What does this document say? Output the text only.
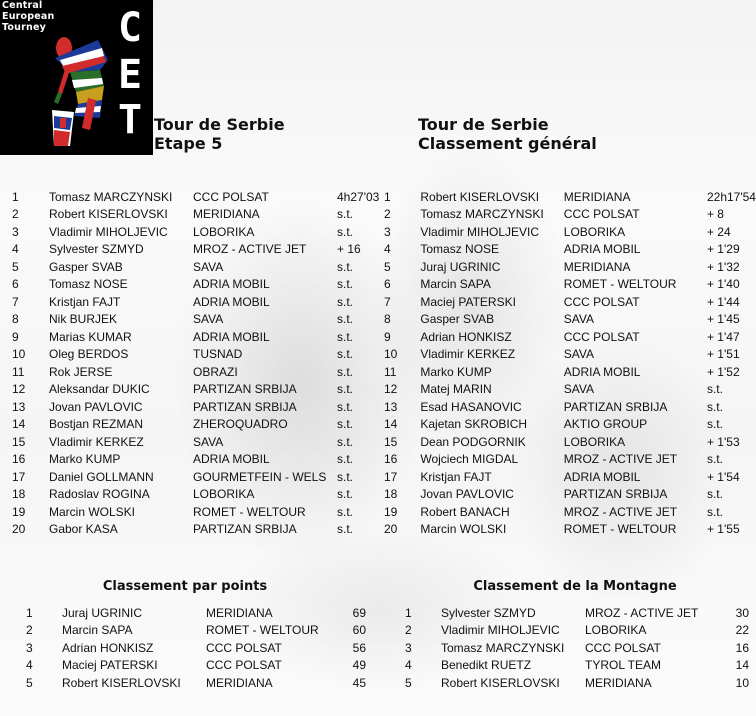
Central
European
Tourney C
E
T Tour de Serbie
Etape 5
Tour de Serbie
Classement général
1	Tomasz MARCZYNSKI	CCC POLSAT	4h27'03
2	Robert KISERLOVSKI	MERIDIANA	s.t.
3	Vladimir MIHOLJEVIC	LOBORIKA	s.t.
4	Sylvester SZMYD	MROZ - ACTIVE JET	+ 16
5	Gasper SVAB	SAVA	s.t.
6	Tomasz NOSE	ADRIA MOBIL	s.t.
7	Kristjan FAJT	ADRIA MOBIL	s.t.
8	Nik BURJEK	SAVA	s.t.
9	Marias KUMAR	ADRIA MOBIL	s.t.
10	Oleg BERDOS	TUSNAD	s.t.
11	Rok JERSE	OBRAZI	s.t.
12	Aleksandar DUKIC	PARTIZAN SRBIJA	s.t.
13	Jovan PAVLOVIC	PARTIZAN SRBIJA	s.t.
14	Bostjan REZMAN	ZHEROQUADRO	s.t.
15	Vladimir KERKEZ	SAVA	s.t.
16	Marko KUMP	ADRIA MOBIL	s.t.
17	Daniel GOLLMANN	GOURMETFEIN - WELS	s.t.
18	Radoslav ROGINA	LOBORIKA	s.t.
19	Marcin WOLSKI	ROMET - WELTOUR	s.t.
20	Gabor KASA	PARTIZAN SRBIJA	s.t.
1	Robert KISERLOVSKI	MERIDIANA	22h17'54
2	Tomasz MARCZYNSKI	CCC POLSAT	+ 8
3	Vladimir MIHOLJEVIC	LOBORIKA	+ 24
4	Tomasz NOSE	ADRIA MOBIL	+ 1'29
5	Juraj UGRINIC	MERIDIANA	+ 1'32
6	Marcin SAPA	ROMET - WELTOUR	+ 1'40
7	Maciej PATERSKI	CCC POLSAT	+ 1'44
8	Gasper SVAB	SAVA	+ 1'45
9	Adrian HONKISZ	CCC POLSAT	+ 1'47
10	Vladimir KERKEZ	SAVA	+ 1'51
11	Marko KUMP	ADRIA MOBIL	+ 1'52
12	Matej MARIN	SAVA	s.t.
13	Esad HASANOVIC	PARTIZAN SRBIJA	s.t.
14	Kajetan SKROBICH	AKTIO GROUP	s.t.
15	Dean PODGORNIK	LOBORIKA	+ 1'53
16	Wojciech MIGDAL	MROZ - ACTIVE JET	s.t.
17	Kristjan FAJT	ADRIA MOBIL	+ 1'54
18	Jovan PAVLOVIC	PARTIZAN SRBIJA	s.t.
19	Robert BANACH	MROZ - ACTIVE JET	s.t.
20	Marcin WOLSKI	ROMET - WELTOUR	+ 1'55
Classement par points	Classement de la Montagne
1	Juraj UGRINIC	MERIDIANA	69
2	Marcin SAPA	ROMET - WELTOUR	60
3	Adrian HONKISZ	CCC POLSAT	56
4	Maciej PATERSKI	CCC POLSAT	49
5	Robert KISERLOVSKI	MERIDIANA	45
1	Sylvester SZMYD	MROZ - ACTIVE JET	30
2	Vladimir MIHOLJEVIC	LOBORIKA	22
3	Tomasz MARCZYNSKI	CCC POLSAT	16
4	Benedikt RUETZ	TYROL TEAM	14
5	Robert KISERLOVSKI	MERIDIANA	10
